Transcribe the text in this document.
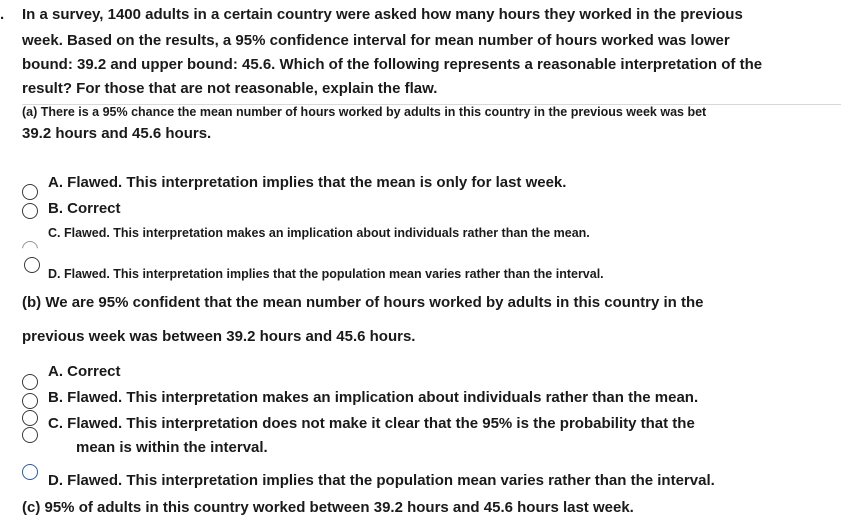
. In a survey, 1400 adults in a certain country were asked how many hours they worked in the previous
week. Based on the results, a 95% confidence interval for mean number of hours worked was lower
bound: 39.2 and upper bound: 45.6. Which of the following represents a reasonable interpretation of the
result? For those that are not reasonable, explain the flaw.
(a) There is a 95% chance the mean number of hours worked by adults in this country in the previous week was bet
39.2 hours and 45.6 hours.
A. Flawed. This interpretation implies that the mean is only for last week.
B. Correct
C. Flawed. This interpretation makes an implication about individuals rather than the mean.
D. Flawed. This interpretation implies that the population mean varies rather than the interval.
(b) We are 95% confident that the mean number of hours worked by adults in this country in the
previous week was between 39.2 hours and 45.6 hours.
A. Correct
B. Flawed. This interpretation makes an implication about individuals rather than the mean.
C. Flawed. This interpretation does not make it clear that the 95% is the probability that the
mean is within the interval.
D. Flawed. This interpretation implies that the population mean varies rather than the interval.
(c) 95% of adults in this country worked between 39.2 hours and 45.6 hours last week.
